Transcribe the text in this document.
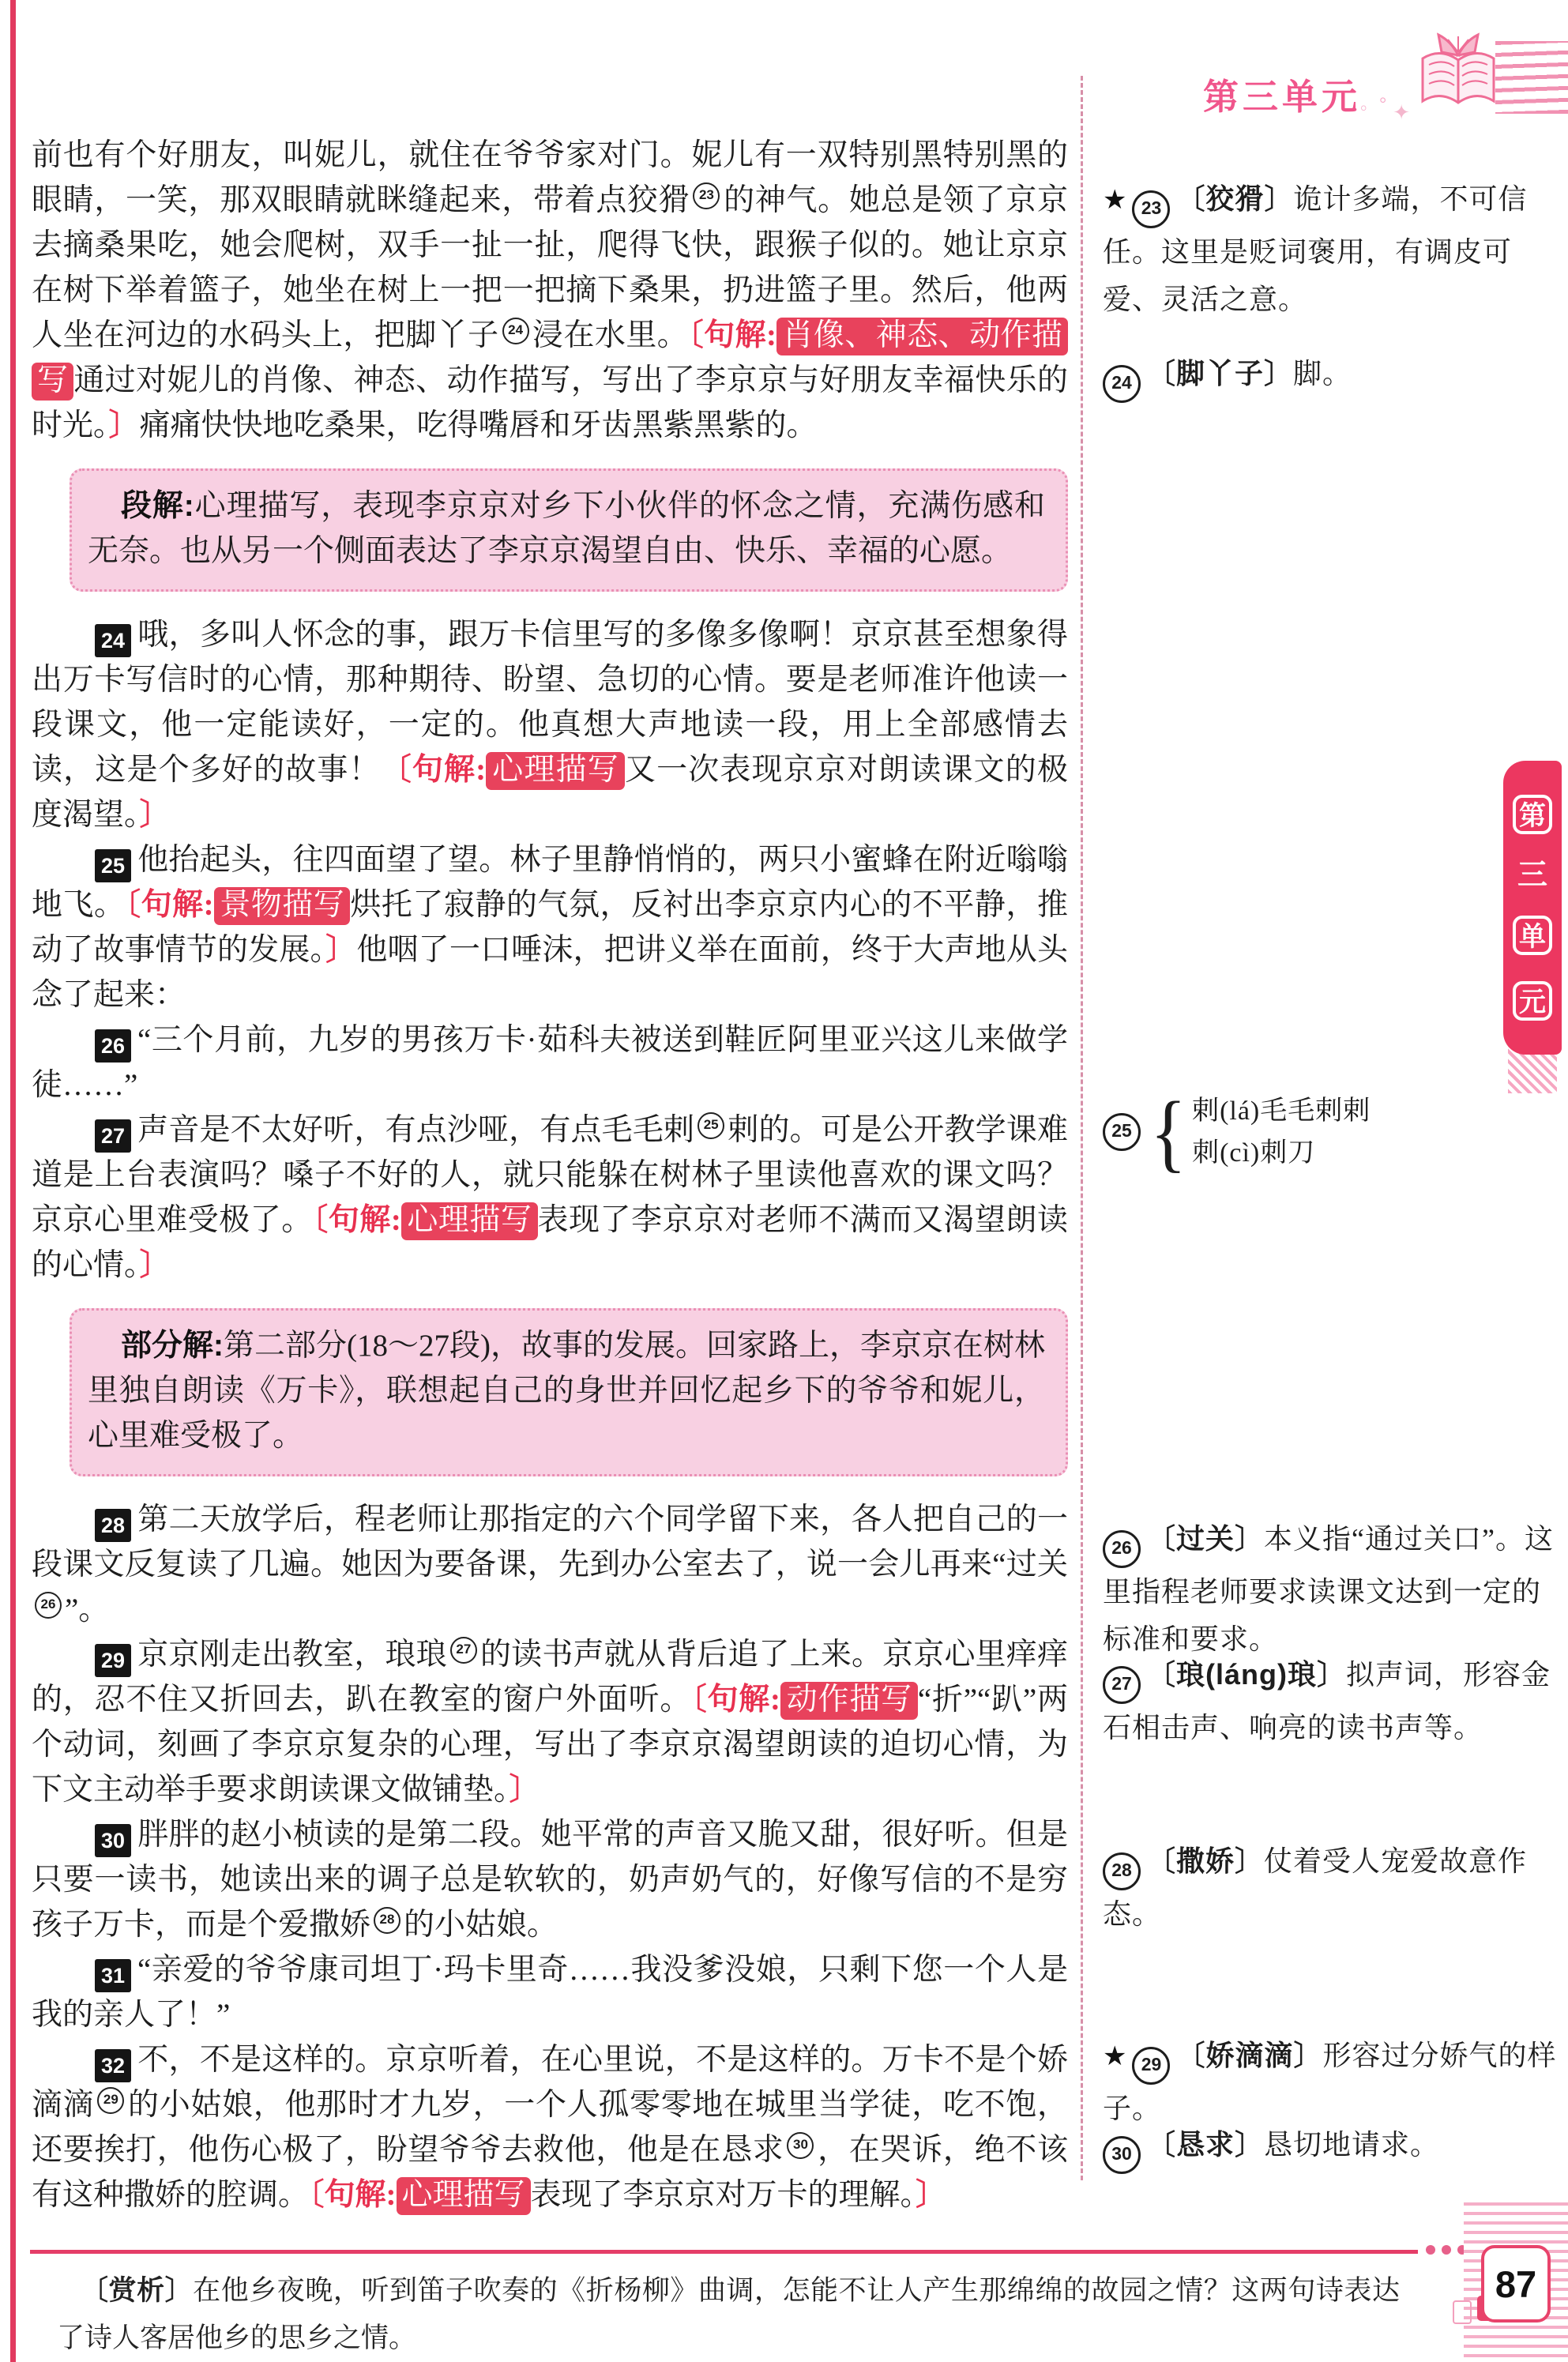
第三单元 。° ✦

前也有个好朋友，叫妮儿，就住在爷爷家对门。妮儿有一双特别黑特别黑的眼睛，一笑，那双眼睛就眯缝起来，带着点狡猾 23 的神气。她总是领了京京去摘桑果吃，她会爬树，双手一扯一扯，爬得飞快，跟猴子似的。她让京京在树下举着篮子，她坐在树上一把一把摘下桑果，扔进篮子里。然后，他两人坐在河边的水码头上，把脚丫子 24 浸在水里。〔句解: 肖像、神态、动作描写 通过对妮儿的肖像、神态、动作描写，写出了李京京与好朋友幸福快乐的时光。〕痛痛快快地吃桑果，吃得嘴唇和牙齿黑紫黑紫的。

段解:心理描写，表现李京京对乡下小伙伴的怀念之情，充满伤感和无奈。也从另一个侧面表达了李京京渴望自由、快乐、幸福的心愿。

24 哦，多叫人怀念的事，跟万卡信里写的多像多像啊！京京甚至想象得出万卡写信时的心情，那种期待、盼望、急切的心情。要是老师准许他读一段课文，他一定能读好，一定的。他真想大声地读一段，用上全部感情去读，这是个多好的故事！〔句解: 心理描写 又一次表现京京对朗读课文的极度渴望。〕

25 他抬起头，往四面望了望。林子里静悄悄的，两只小蜜蜂在附近嗡嗡地飞。〔句解: 景物描写 烘托了寂静的气氛，反衬出李京京内心的不平静，推动了故事情节的发展。〕他咽了一口唾沫，把讲义举在面前，终于大声地从头念了起来：

26 “三个月前，九岁的男孩万卡·茹科夫被送到鞋匠阿里亚兴这儿来做学徒……”

27 声音是不太好听，有点沙哑，有点毛毛剌 25 剌的。可是公开教学课难道是上台表演吗？嗓子不好的人，就只能躲在树林子里读他喜欢的课文吗？京京心里难受极了。〔句解: 心理描写 表现了李京京对老师不满而又渴望朗读的心情。〕

部分解:第二部分(18～27段)，故事的发展。回家路上，李京京在树林里独自朗读《万卡》，联想起自己的身世并回忆起乡下的爷爷和妮儿，心里难受极了。

28 第二天放学后，程老师让那指定的六个同学留下来，各人把自己的一段课文反复读了几遍。她因为要备课，先到办公室去了，说一会儿再来“过关26 ”。

29 京京刚走出教室，琅琅 27 的读书声就从背后追了上来。京京心里痒痒的，忍不住又折回去，趴在教室的窗户外面听。〔句解: 动作描写 “折”“趴”两个动词，刻画了李京京复杂的心理，写出了李京京渴望朗读的迫切心情，为下文主动举手要求朗读课文做铺垫。〕

30 胖胖的赵小桢读的是第二段。她平常的声音又脆又甜，很好听。但是只要一读书，她读出来的调子总是软软的，奶声奶气的，好像写信的不是穷孩子万卡，而是个爱撒娇 28 的小姑娘。

31 “亲爱的爷爷康司坦丁·玛卡里奇……我没爹没娘，只剩下您一个人是我的亲人了！”

32 不，不是这样的。京京听着，在心里说，不是这样的。万卡不是个娇滴滴 29 的小姑娘，他那时才九岁，一个人孤零零地在城里当学徒，吃不饱，还要挨打，他伤心极了，盼望爷爷去救他，他是在恳求 30 ，在哭诉，绝不该有这种撒娇的腔调。〔句解: 心理描写 表现了李京京对万卡的理解。〕

★ 23 〔狡猾〕诡计多端，不可信任。这里是贬词褒用，有调皮可爱、灵活之意。
24 〔脚丫子〕脚。
25 { 剌(lá)毛毛剌剌
刺(cì)刺刀
26 〔过关〕本义指“通过关口”。这里指程老师要求读课文达到一定的标准和要求。
27 〔琅(láng)琅〕拟声词，形容金石相击声、响亮的读书声等。
28 〔撒娇〕仗着受人宠爱故意作态。
★ 29 〔娇滴滴〕形容过分娇气的样子。
30 〔恳求〕恳切地请求。
第
三
单
元

〔赏析〕在他乡夜晚，听到笛子吹奏的《折杨柳》曲调，怎能不让人产生那绵绵的故园之情？这两句诗表达了诗人客居他乡的思乡之情。

87
